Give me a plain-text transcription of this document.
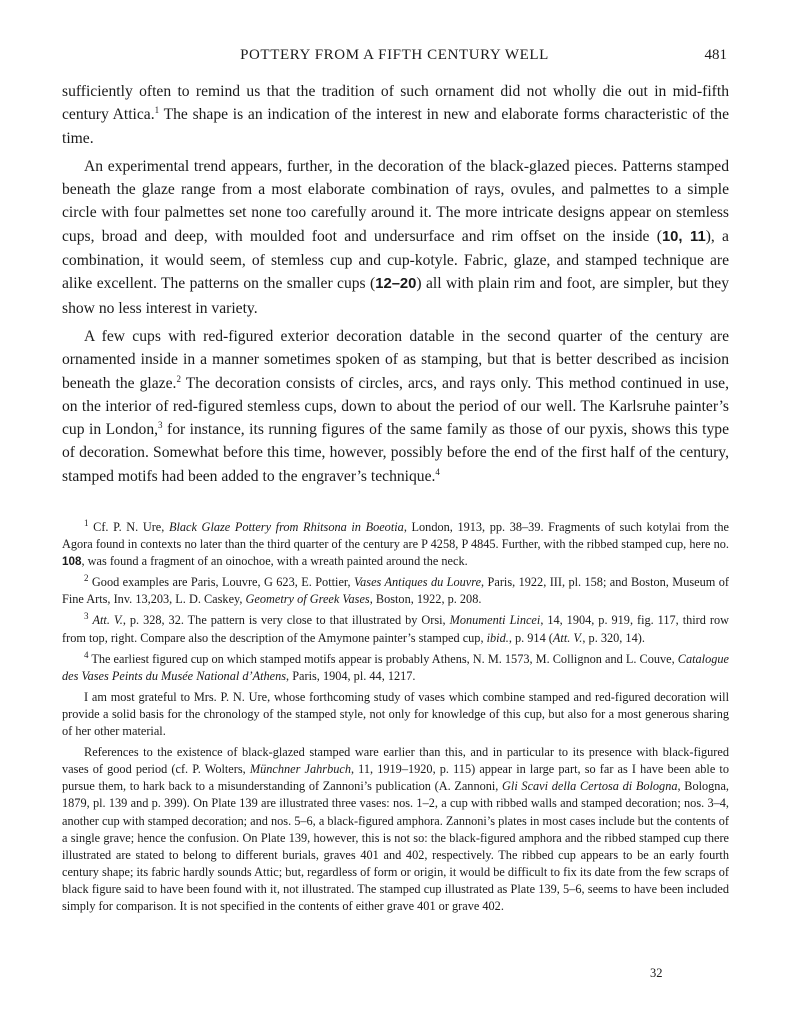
POTTERY FROM A FIFTH CENTURY WELL	481

sufficiently often to remind us that the tradition of such ornament did not wholly die out in mid-fifth century Attica.$^1$ The shape is an indication of the interest in new and elaborate forms characteristic of the time.

An experimental trend appears, further, in the decoration of the black-glazed pieces. Patterns stamped beneath the glaze range from a most elaborate combination of rays, ovules, and palmettes to a simple circle with four palmettes set none too carefully around it. The more intricate designs appear on stemless cups, broad and deep, with moulded foot and undersurface and rim offset on the inside (10, 11), a combination, it would seem, of stemless cup and cup-kotyle. Fabric, glaze, and stamped technique are alike excellent. The patterns on the smaller cups (12–20) all with plain rim and foot, are simpler, but they show no less interest in variety.

A few cups with red-figured exterior decoration datable in the second quarter of the century are ornamented inside in a manner sometimes spoken of as stamping, but that is better described as incision beneath the glaze.$^2$ The decoration consists of circles, arcs, and rays only. This method continued in use, on the interior of red-figured stemless cups, down to about the period of our well. The Karlsruhe painter’s cup in London,$^3$ for instance, its running figures of the same family as those of our pyxis, shows this type of decoration. Somewhat before this time, however, possibly before the end of the first half of the century, stamped motifs had been added to the engraver’s technique.$^4$

$^1$ Cf. P. N. Ure, Black Glaze Pottery from Rhitsona in Boeotia, London, 1913, pp. 38–39. Fragments of such kotylai from the Agora found in contexts no later than the third quarter of the century are P 4258, P 4845. Further, with the ribbed stamped cup, here no. 108, was found a fragment of an oinochoe, with a wreath painted around the neck.

$^2$ Good examples are Paris, Louvre, G 623, E. Pottier, Vases Antiques du Louvre, Paris, 1922, III, pl. 158; and Boston, Museum of Fine Arts, Inv. 13,203, L. D. Caskey, Geometry of Greek Vases, Boston, 1922, p. 208.

$^3$ Att. V., p. 328, 32. The pattern is very close to that illustrated by Orsi, Monumenti Lincei, 14, 1904, p. 919, fig. 117, third row from top, right. Compare also the description of the Amymone painter’s stamped cup, ibid., p. 914 (Att. V., p. 320, 14).

$^4$ The earliest figured cup on which stamped motifs appear is probably Athens, N. M. 1573, M. Collignon and L. Couve, Catalogue des Vases Peints du Musée National d’Athens, Paris, 1904, pl. 44, 1217.

I am most grateful to Mrs. P. N. Ure, whose forthcoming study of vases which combine stamped and red-figured decoration will provide a solid basis for the chronology of the stamped style, not only for knowledge of this cup, but also for a most generous sharing of her other material.

References to the existence of black-glazed stamped ware earlier than this, and in particular to its presence with black-figured vases of good period (cf. P. Wolters, Münchner Jahrbuch, 11, 1919–1920, p. 115) appear in large part, so far as I have been able to pursue them, to hark back to a misunderstanding of Zannoni’s publication (A. Zannoni, Gli Scavi della Certosa di Bologna, Bologna, 1879, pl. 139 and p. 399). On Plate 139 are illustrated three vases: nos. 1–2, a cup with ribbed walls and stamped decoration; nos. 3–4, another cup with stamped decoration; and nos. 5–6, a black-figured amphora. Zannoni’s plates in most cases include but the contents of a single grave; hence the confusion. On Plate 139, however, this is not so: the black-figured amphora and the ribbed stamped cup there illustrated are stated to belong to different burials, graves 401 and 402, respectively. The ribbed cup appears to be an early fourth century shape; its fabric hardly sounds Attic; but, regardless of form or origin, it would be difficult to fix its date from the few scraps of black figure said to have been found with it, not illustrated. The stamped cup illustrated as Plate 139, 5–6, seems to have been included simply for comparison. It is not specified in the contents of either grave 401 or grave 402.

32
